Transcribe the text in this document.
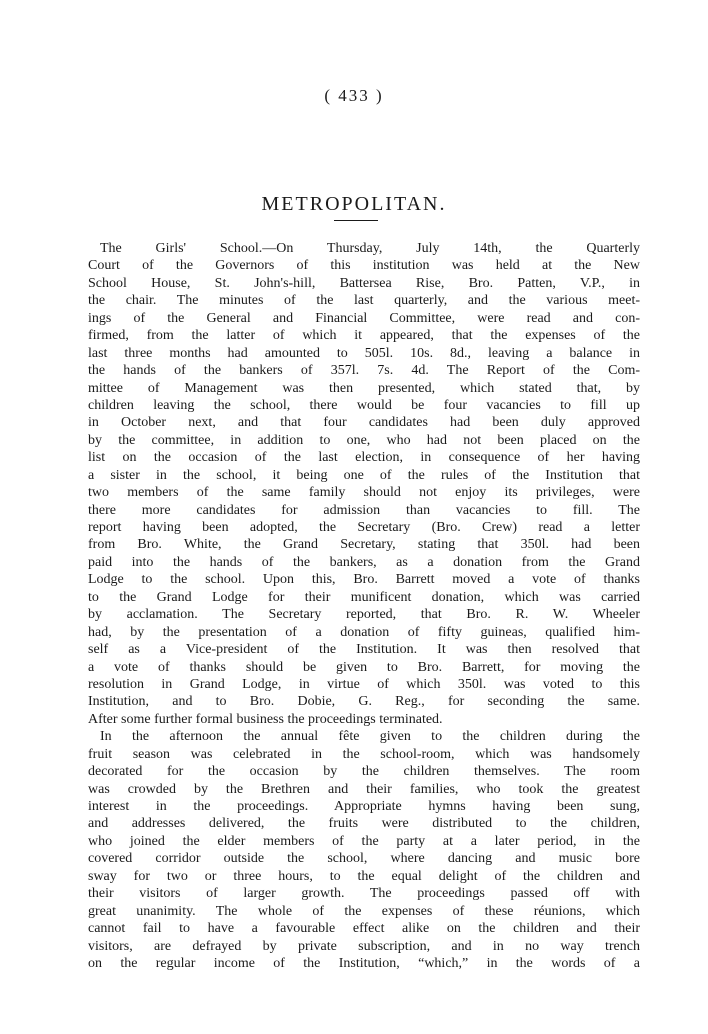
( 433 )
METROPOLITAN.
The Girls' School.—On Thursday, July 14th, the Quarterly
Court of the Governors of this institution was held at the New
School House, St. John's-hill, Battersea Rise, Bro. Patten, V.P., in
the chair. The minutes of the last quarterly, and the various meet-
ings of the General and Financial Committee, were read and con-
firmed, from the latter of which it appeared, that the expenses of the
last three months had amounted to 505l. 10s. 8d., leaving a balance in
the hands of the bankers of 357l. 7s. 4d. The Report of the Com-
mittee of Management was then presented, which stated that, by
children leaving the school, there would be four vacancies to fill up
in October next, and that four candidates had been duly approved
by the committee, in addition to one, who had not been placed on the
list on the occasion of the last election, in consequence of her having
a sister in the school, it being one of the rules of the Institution that
two members of the same family should not enjoy its privileges, were
there more candidates for admission than vacancies to fill. The
report having been adopted, the Secretary (Bro. Crew) read a letter
from Bro. White, the Grand Secretary, stating that 350l. had been
paid into the hands of the bankers, as a donation from the Grand
Lodge to the school. Upon this, Bro. Barrett moved a vote of thanks
to the Grand Lodge for their munificent donation, which was carried
by acclamation. The Secretary reported, that Bro. R. W. Wheeler
had, by the presentation of a donation of fifty guineas, qualified him-
self as a Vice-president of the Institution. It was then resolved that
a vote of thanks should be given to Bro. Barrett, for moving the
resolution in Grand Lodge, in virtue of which 350l. was voted to this
Institution, and to Bro. Dobie, G. Reg., for seconding the same.
After some further formal business the proceedings terminated.
In the afternoon the annual fête given to the children during the
fruit season was celebrated in the school-room, which was handsomely
decorated for the occasion by the children themselves. The room
was crowded by the Brethren and their families, who took the greatest
interest in the proceedings. Appropriate hymns having been sung,
and addresses delivered, the fruits were distributed to the children,
who joined the elder members of the party at a later period, in the
covered corridor outside the school, where dancing and music bore
sway for two or three hours, to the equal delight of the children and
their visitors of larger growth. The proceedings passed off with
great unanimity. The whole of the expenses of these réunions, which
cannot fail to have a favourable effect alike on the children and their
visitors, are defrayed by private subscription, and in no way trench
on the regular income of the Institution, “which,” in the words of a
